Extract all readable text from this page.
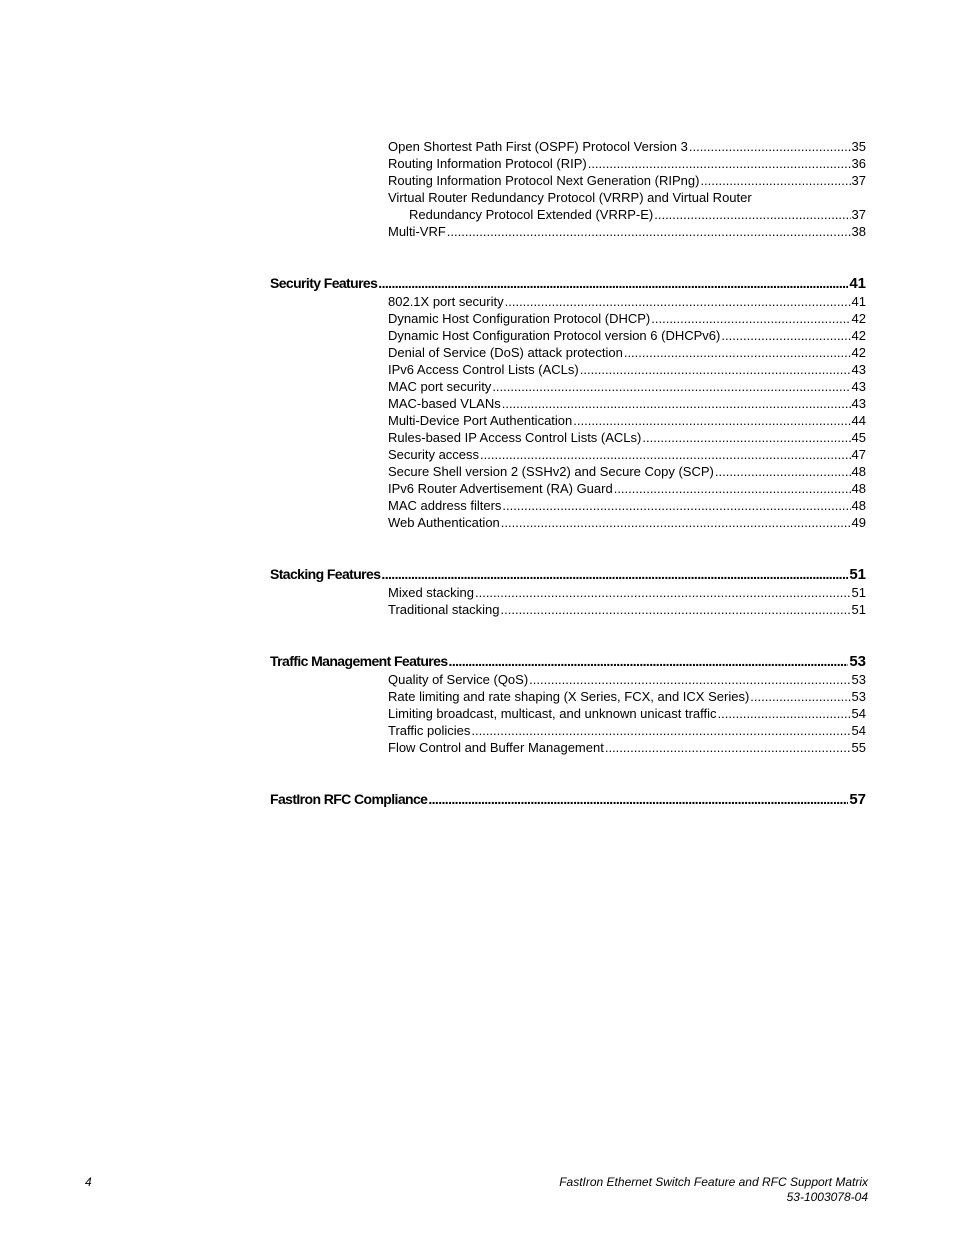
Open Shortest Path First (OSPF) Protocol Version 3 .....	35
Routing Information Protocol (RIP) .....	36
Routing Information Protocol Next Generation (RIPng) .....	37
Virtual Router Redundancy Protocol (VRRP) and Virtual Router
Redundancy Protocol Extended (VRRP-E) .....	37
Multi-VRF .....	38
Security Features .....	41
802.1X port security .....	41
Dynamic Host Configuration Protocol (DHCP) .....	42
Dynamic Host Configuration Protocol version 6 (DHCPv6) .....	42
Denial of Service (DoS) attack protection .....	42
IPv6 Access Control Lists (ACLs) .....	43
MAC port security .....	43
MAC-based VLANs .....	43
Multi-Device Port Authentication .....	44
Rules-based IP Access Control Lists (ACLs) .....	45
Security access .....	47
Secure Shell version 2 (SSHv2) and Secure Copy (SCP) .....	48
IPv6 Router Advertisement (RA) Guard .....	48
MAC address filters .....	48
Web Authentication .....	49
Stacking Features .....	51
Mixed stacking .....	51
Traditional stacking .....	51
Traffic Management Features .....	53
Quality of Service (QoS) .....	53
Rate limiting and rate shaping (X Series, FCX, and ICX Series) .....	53
Limiting broadcast, multicast, and unknown unicast traffic .....	54
Traffic policies .....	54
Flow Control and Buffer Management .....	55
FastIron RFC Compliance .....	57
4	FastIron Ethernet Switch Feature and RFC Support Matrix
53-1003078-04
